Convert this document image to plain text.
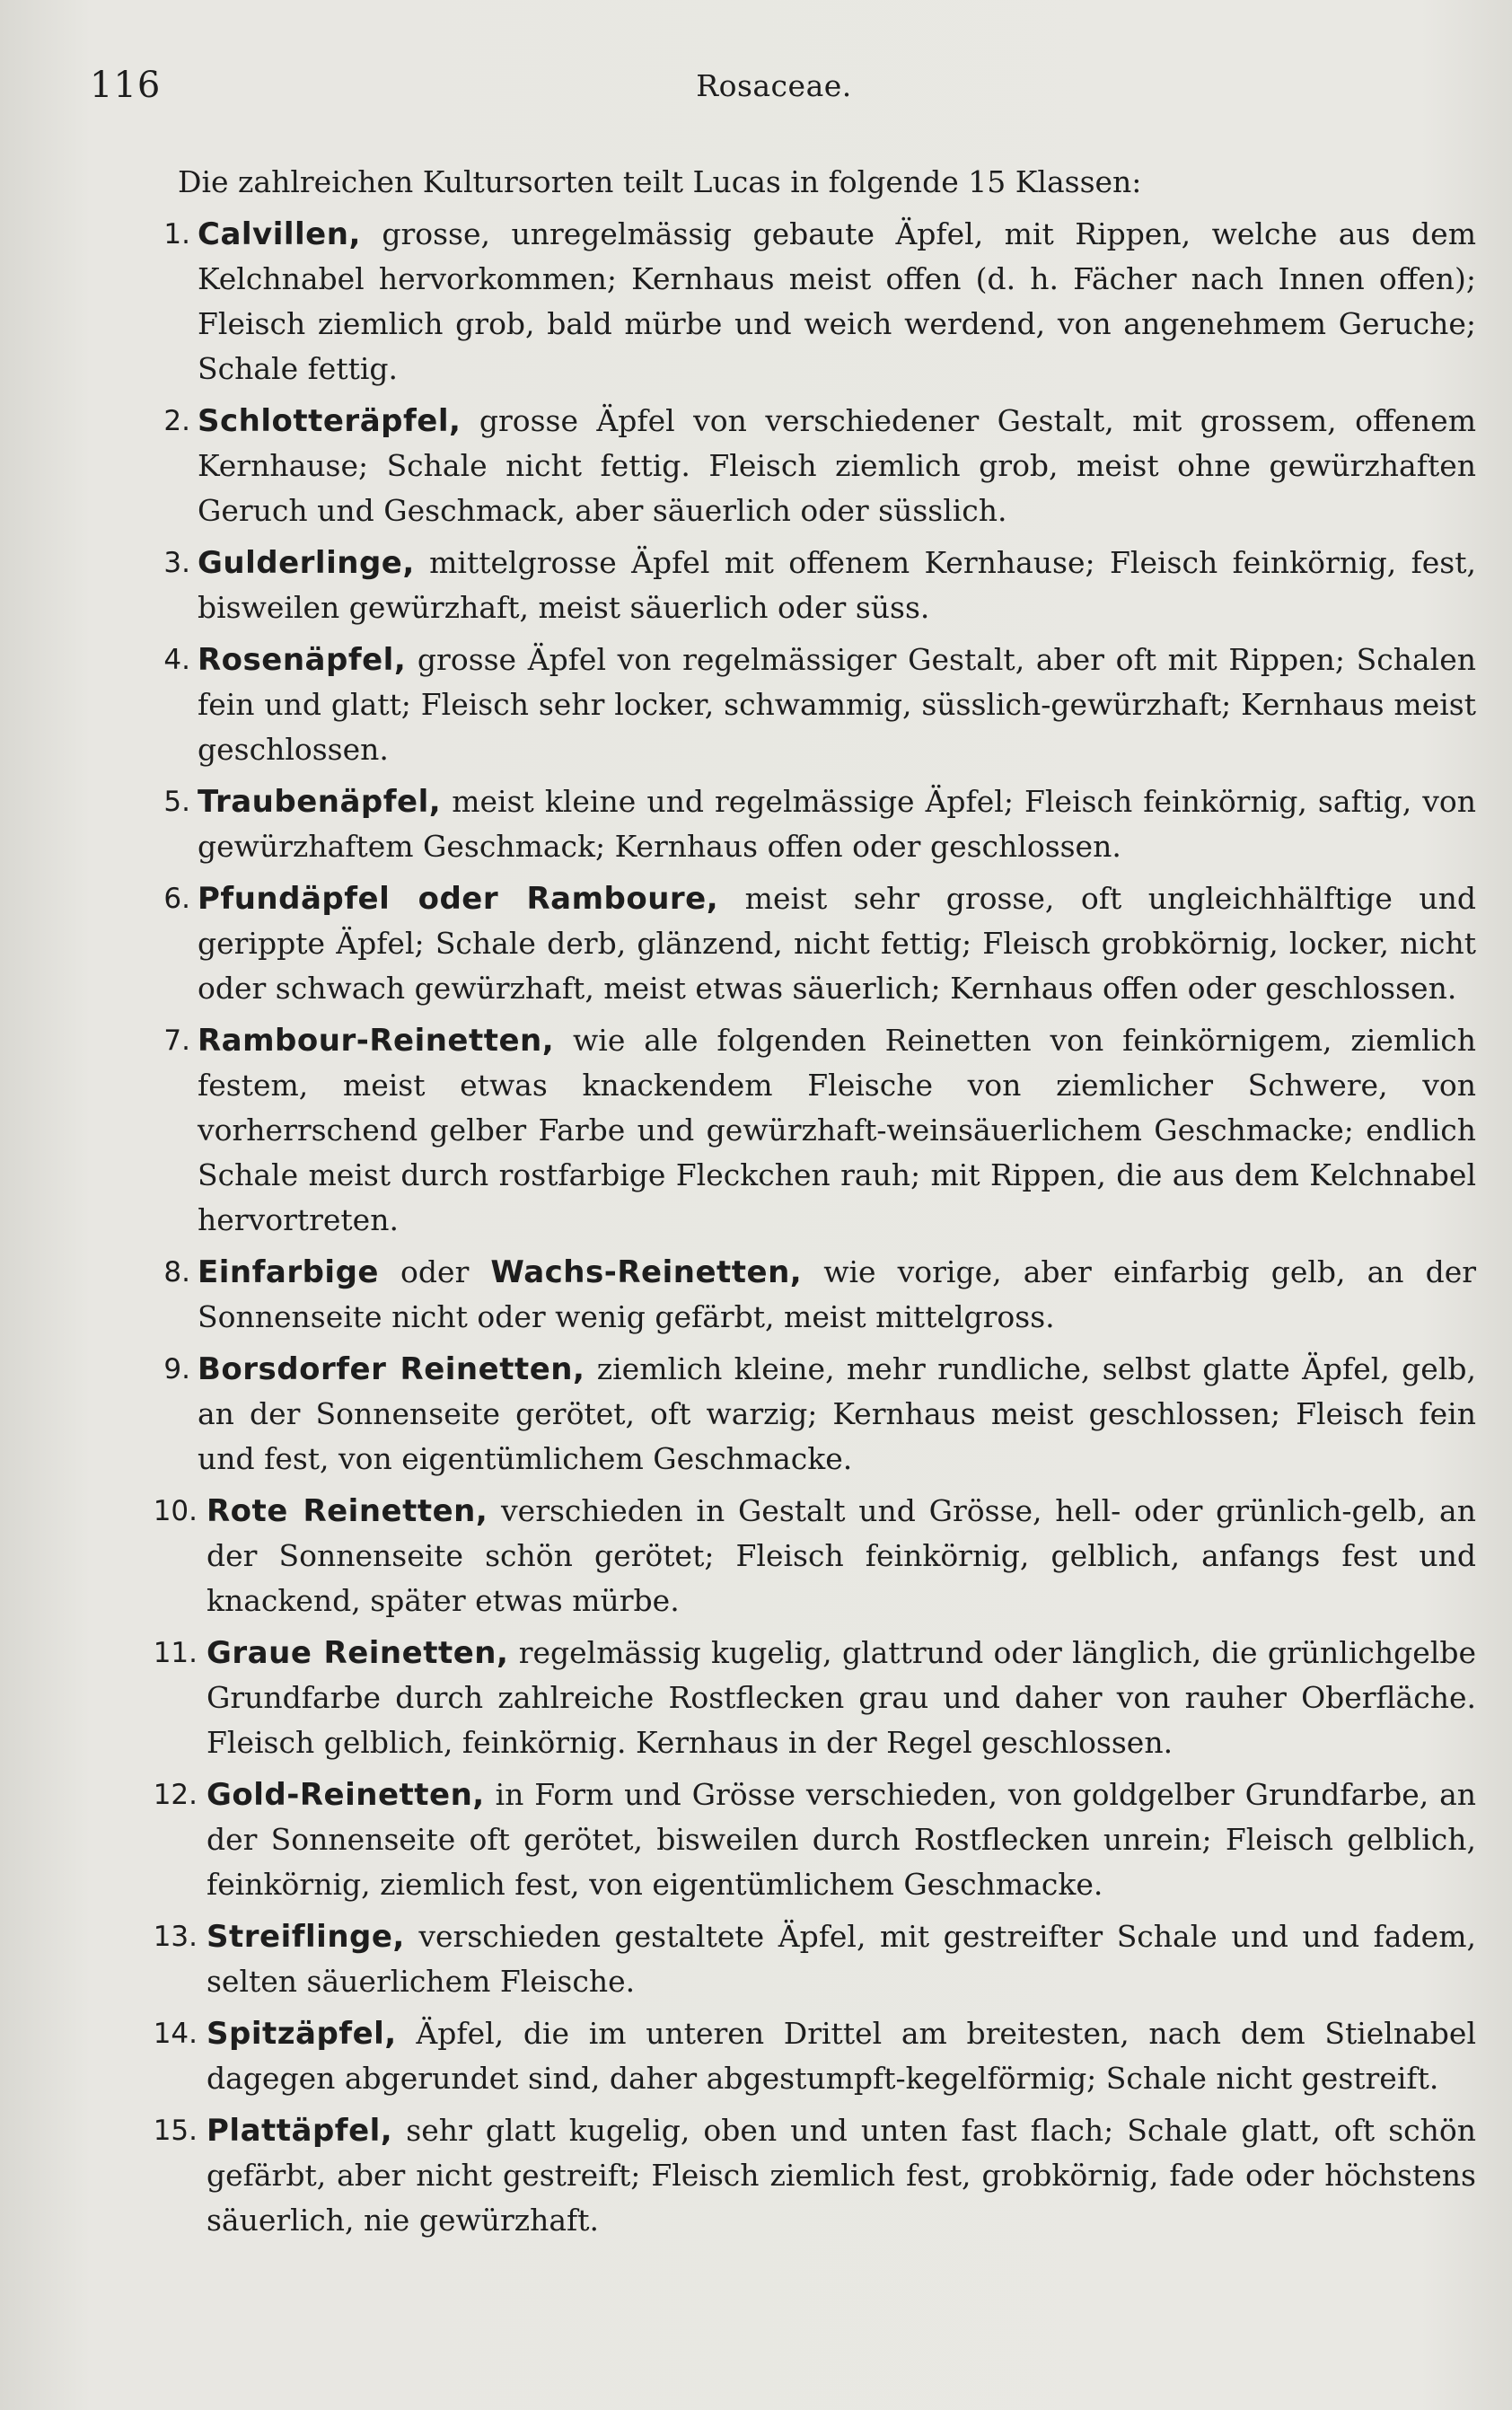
116	Rosaceae.

Die zahlreichen Kultursorten teilt Lucas in folgende 15 Klassen:

1. Calvillen, grosse, unregelmässig gebaute Äpfel, mit Rippen, welche aus dem Kelchnabel hervorkommen; Kernhaus meist offen (d. h. Fächer nach Innen offen); Fleisch ziemlich grob, bald mürbe und weich werdend, von angenehmem Geruche; Schale fettig.
2. Schlotteräpfel, grosse Äpfel von verschiedener Gestalt, mit grossem, offenem Kernhause; Schale nicht fettig. Fleisch ziemlich grob, meist ohne gewürzhaften Geruch und Geschmack, aber säuerlich oder süsslich.
3. Gulderlinge, mittelgrosse Äpfel mit offenem Kernhause; Fleisch feinkörnig, fest, bisweilen gewürzhaft, meist säuerlich oder süss.
4. Rosenäpfel, grosse Äpfel von regelmässiger Gestalt, aber oft mit Rippen; Schalen fein und glatt; Fleisch sehr locker, schwammig, süsslich-gewürzhaft; Kernhaus meist geschlossen.
5. Traubenäpfel, meist kleine und regelmässige Äpfel; Fleisch feinkörnig, saftig, von gewürzhaftem Geschmack; Kernhaus offen oder geschlossen.
6. Pfundäpfel oder Ramboure, meist sehr grosse, oft ungleichhälftige und gerippte Äpfel; Schale derb, glänzend, nicht fettig; Fleisch grobkörnig, locker, nicht oder schwach gewürzhaft, meist etwas säuerlich; Kernhaus offen oder geschlossen.
7. Rambour-Reinetten, wie alle folgenden Reinetten von feinkörnigem, ziemlich festem, meist etwas knackendem Fleische von ziemlicher Schwere, von vorherrschend gelber Farbe und gewürzhaft-weinsäuerlichem Geschmacke; endlich Schale meist durch rostfarbige Fleckchen rauh; mit Rippen, die aus dem Kelchnabel hervortreten.
8. Einfarbige oder Wachs-Reinetten, wie vorige, aber einfarbig gelb, an der Sonnenseite nicht oder wenig gefärbt, meist mittelgross.
9. Borsdorfer Reinetten, ziemlich kleine, mehr rundliche, selbst glatte Äpfel, gelb, an der Sonnenseite gerötet, oft warzig; Kernhaus meist geschlossen; Fleisch fein und fest, von eigentümlichem Geschmacke.
10. Rote Reinetten, verschieden in Gestalt und Grösse, hell- oder grünlich-gelb, an der Sonnenseite schön gerötet; Fleisch feinkörnig, gelblich, anfangs fest und knackend, später etwas mürbe.
11. Graue Reinetten, regelmässig kugelig, glattrund oder länglich, die grünlichgelbe Grundfarbe durch zahlreiche Rostflecken grau und daher von rauher Oberfläche. Fleisch gelblich, feinkörnig. Kernhaus in der Regel geschlossen.
12. Gold-Reinetten, in Form und Grösse verschieden, von goldgelber Grundfarbe, an der Sonnenseite oft gerötet, bisweilen durch Rostflecken unrein; Fleisch gelblich, feinkörnig, ziemlich fest, von eigentümlichem Geschmacke.
13. Streiflinge, verschieden gestaltete Äpfel, mit gestreifter Schale und und fadem, selten säuerlichem Fleische.
14. Spitzäpfel, Äpfel, die im unteren Drittel am breitesten, nach dem Stielnabel dagegen abgerundet sind, daher abgestumpft-kegelförmig; Schale nicht gestreift.
15. Plattäpfel, sehr glatt kugelig, oben und unten fast flach; Schale glatt, oft schön gefärbt, aber nicht gestreift; Fleisch ziemlich fest, grobkörnig, fade oder höchstens säuerlich, nie gewürzhaft.
